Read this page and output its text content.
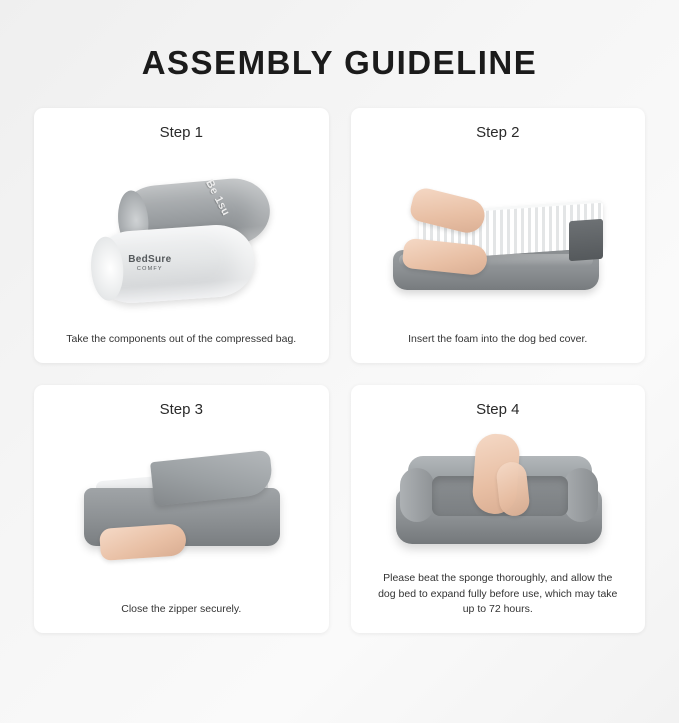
ASSEMBLY GUIDELINE
Step 1
Be 1su
BedSure
COMFY
Take the components out of the compressed bag.
Step 2
Insert the foam into the dog bed cover.
Step 3
Close the zipper securely.
Step 4
Please beat the sponge thoroughly, and allow the dog bed to expand fully before use, which may take up to 72 hours.
